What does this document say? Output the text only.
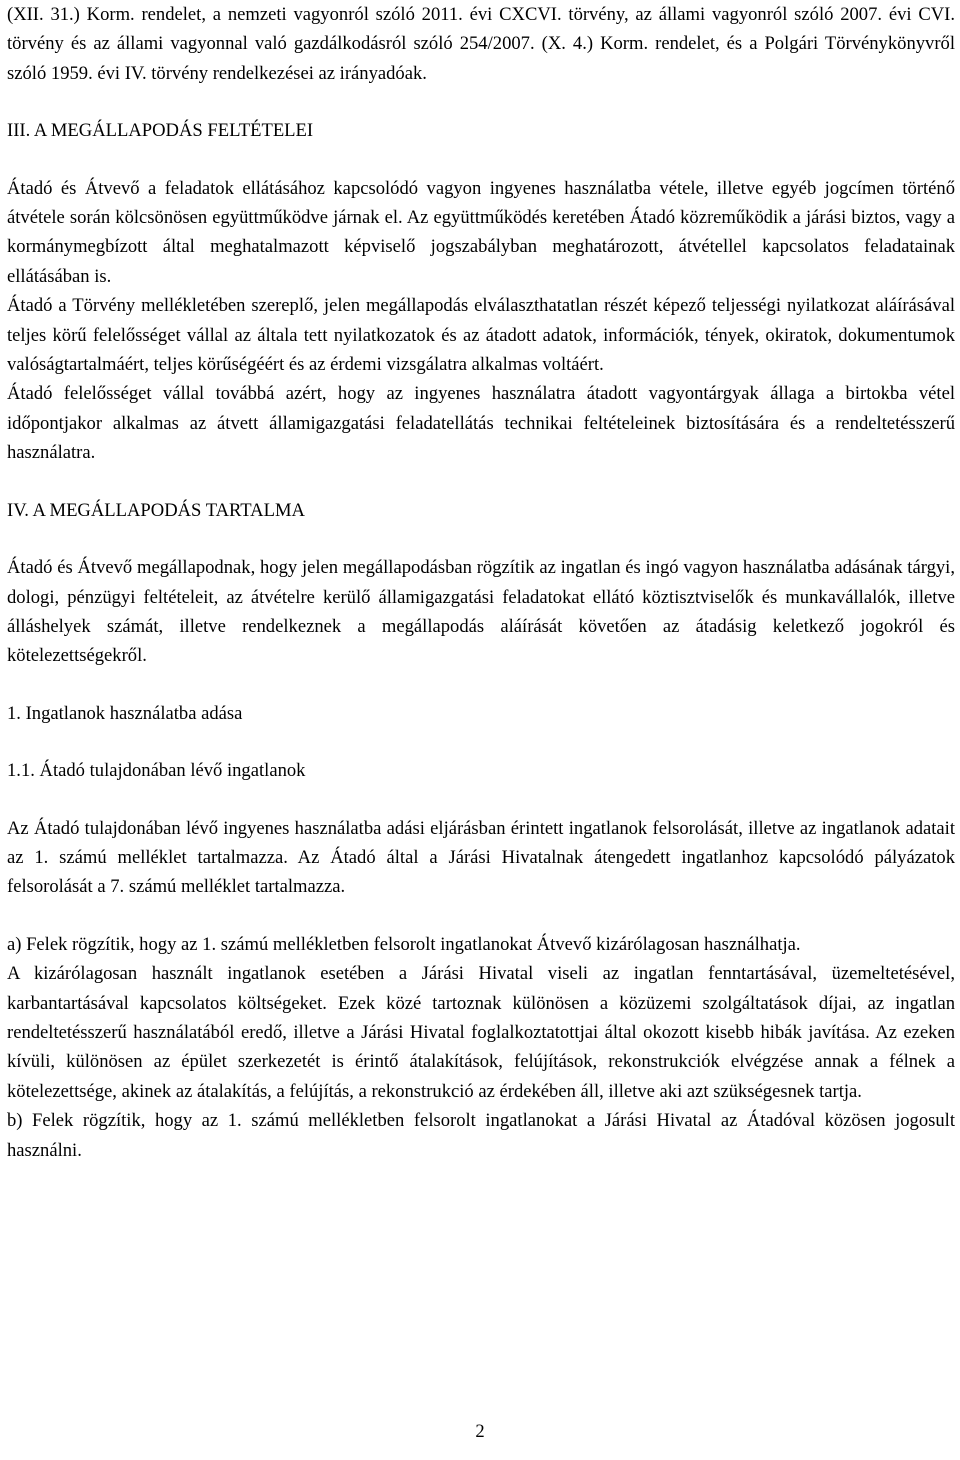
(XII. 31.) Korm. rendelet, a nemzeti vagyonról szóló 2011. évi CXCVI. törvény, az állami vagyonról szóló 2007. évi CVI. törvény és az állami vagyonnal való gazdálkodásról szóló 254/2007. (X. 4.) Korm. rendelet, és a Polgári Törvénykönyvről szóló 1959. évi IV. törvény rendelkezései az irányadóak.

III. A MEGÁLLAPODÁS FELTÉTELEI

Átadó és Átvevő a feladatok ellátásához kapcsolódó vagyon ingyenes használatba vétele, illetve egyéb jogcímen történő átvétele során kölcsönösen együttműködve járnak el. Az együttműködés keretében Átadó közreműködik a járási biztos, vagy a kormánymegbízott által meghatalmazott képviselő jogszabályban meghatározott, átvétellel kapcsolatos feladatainak ellátásában is.

Átadó a Törvény mellékletében szereplő, jelen megállapodás elválaszthatatlan részét képező teljességi nyilatkozat aláírásával teljes körű felelősséget vállal az általa tett nyilatkozatok és az átadott adatok, információk, tények, okiratok, dokumentumok valóságtartalmáért, teljes körűségéért és az érdemi vizsgálatra alkalmas voltáért.

Átadó felelősséget vállal továbbá azért, hogy az ingyenes használatra átadott vagyontárgyak állaga a birtokba vétel időpontjakor alkalmas az átvett államigazgatási feladatellátás technikai feltételeinek biztosítására és a rendeltetésszerű használatra.

IV. A MEGÁLLAPODÁS TARTALMA

Átadó és Átvevő megállapodnak, hogy jelen megállapodásban rögzítik az ingatlan és ingó vagyon használatba adásának tárgyi, dologi, pénzügyi feltételeit, az átvételre kerülő államigazgatási feladatokat ellátó köztisztviselők és munkavállalók, illetve álláshelyek számát, illetve rendelkeznek a megállapodás aláírását követően az átadásig keletkező jogokról és kötelezettségekről.

1. Ingatlanok használatba adása

1.1. Átadó tulajdonában lévő ingatlanok

Az Átadó tulajdonában lévő ingyenes használatba adási eljárásban érintett ingatlanok felsorolását, illetve az ingatlanok adatait az 1. számú melléklet tartalmazza. Az Átadó által a Járási Hivatalnak átengedett ingatlanhoz kapcsolódó pályázatok felsorolását a 7. számú melléklet tartalmazza.

a) Felek rögzítik, hogy az 1. számú mellékletben felsorolt ingatlanokat Átvevő kizárólagosan használhatja.

A kizárólagosan használt ingatlanok esetében a Járási Hivatal viseli az ingatlan fenntartásával, üzemeltetésével, karbantartásával kapcsolatos költségeket. Ezek közé tartoznak különösen a közüzemi szolgáltatások díjai, az ingatlan rendeltetésszerű használatából eredő, illetve a Járási Hivatal foglalkoztatottjai által okozott kisebb hibák javítása. Az ezeken kívüli, különösen az épület szerkezetét is érintő átalakítások, felújítások, rekonstrukciók elvégzése annak a félnek a kötelezettsége, akinek az átalakítás, a felújítás, a rekonstrukció az érdekében áll, illetve aki azt szükségesnek tartja.

b) Felek rögzítik, hogy az 1. számú mellékletben felsorolt ingatlanokat a Járási Hivatal az Átadóval közösen jogosult használni.

2
